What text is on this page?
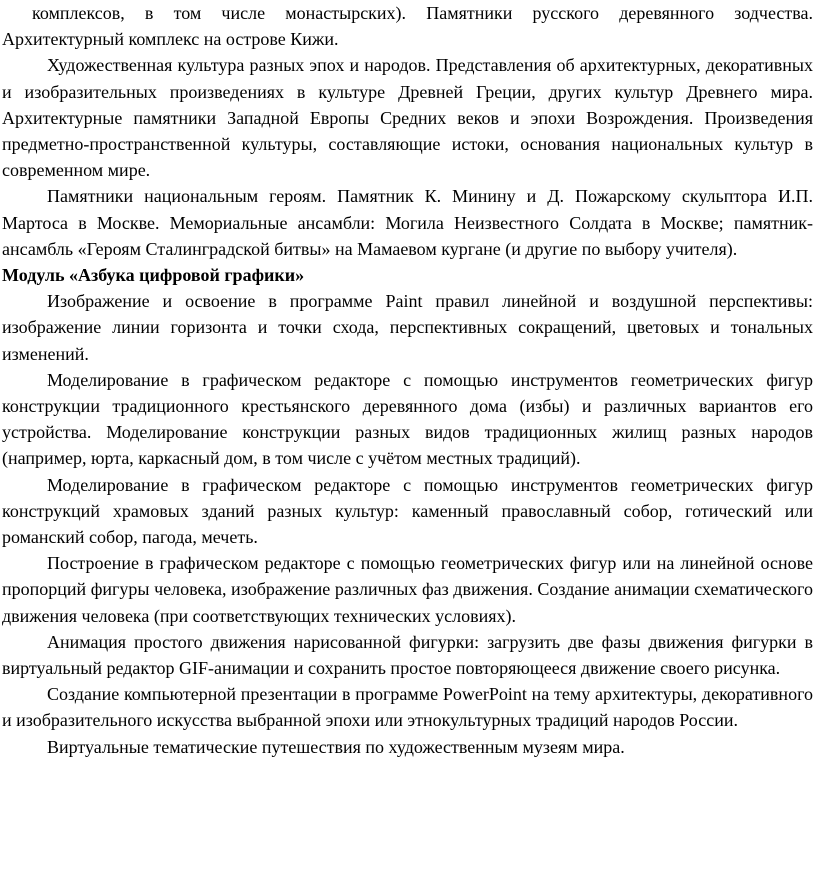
комплексов, в том числе монастырских). Памятники русского деревянного зодчества. Архитектурный комплекс на острове Кижи.

Художественная культура разных эпох и народов. Представления об архитектурных, декоративных и изобразительных произведениях в культуре Древней Греции, других культур Древнего мира. Архитектурные памятники Западной Европы Средних веков и эпохи Возрождения. Произведения предметно-пространственной культуры, составляющие истоки, основания национальных культур в современном мире.

Памятники национальным героям. Памятник К. Минину и Д. Пожарскому скульптора И.П. Мартоса в Москве. Мемориальные ансамбли: Могила Неизвестного Солдата в Москве; памятник-ансамбль «Героям Сталинградской битвы» на Мамаевом кургане (и другие по выбору учителя).

Модуль «Азбука цифровой графики»

Изображение и освоение в программе Paint правил линейной и воздушной перспективы: изображение линии горизонта и точки схода, перспективных сокращений, цветовых и тональных изменений.

Моделирование в графическом редакторе с помощью инструментов геометрических фигур конструкции традиционного крестьянского деревянного дома (избы) и различных вариантов его устройства. Моделирование конструкции разных видов традиционных жилищ разных народов (например, юрта, каркасный дом, в том числе с учётом местных традиций).

Моделирование в графическом редакторе с помощью инструментов геометрических фигур конструкций храмовых зданий разных культур: каменный православный собор, готический или романский собор, пагода, мечеть.

Построение в графическом редакторе с помощью геометрических фигур или на линейной основе пропорций фигуры человека, изображение различных фаз движения. Создание анимации схематического движения человека (при соответствующих технических условиях).

Анимация простого движения нарисованной фигурки: загрузить две фазы движения фигурки в виртуальный редактор GIF-анимации и сохранить простое повторяющееся движение своего рисунка.

Создание компьютерной презентации в программе PowerPoint на тему архитектуры, декоративного и изобразительного искусства выбранной эпохи или этнокультурных традиций народов России.

Виртуальные тематические путешествия по художественным музеям мира.
